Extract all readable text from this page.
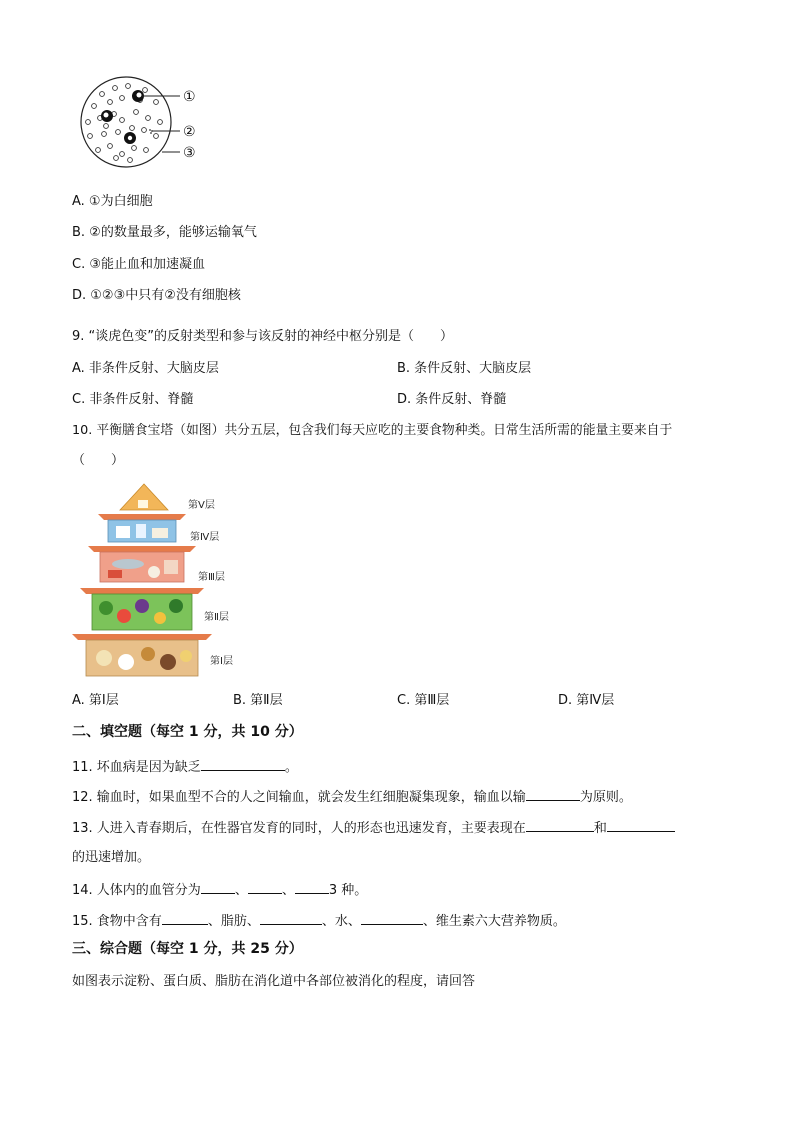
①
②
③
A. ①为白细胞
B. ②的数量最多，能够运输氧气
C. ③能止血和加速凝血
D. ①②③中只有②没有细胞核
9. “谈虎色变”的反射类型和参与该反射的神经中枢分别是（　　）
A. 非条件反射、大脑皮层	B. 条件反射、大脑皮层
C. 非条件反射、脊髓	D. 条件反射、脊髓
10. 平衡膳食宝塔（如图）共分五层，包含我们每天应吃的主要食物种类。日常生活所需的能量主要来自于
（　　）
第Ⅴ层
第Ⅳ层
第Ⅲ层
第Ⅱ层
第Ⅰ层
A. 第Ⅰ层	B. 第Ⅱ层	C. 第Ⅲ层	D. 第Ⅳ层
二、填空题（每空 1 分，共 10 分）
11. 坏血病是因为缺乏	。
12. 输血时，如果血型不合的人之间输血，就会发生红细胞凝集现象，输血以输	为原则。
13. 人进入青春期后，在性器官发育的同时，人的形态也迅速发育，主要表现在	和
的迅速增加。
14. 人体内的血管分为	、	、	3 种。
15. 食物中含有	、脂肪、	、水、	、维生素六大营养物质。
三、综合题（每空 1 分，共 25 分）
如图表示淀粉、蛋白质、脂肪在消化道中各部位被消化的程度，请回答
